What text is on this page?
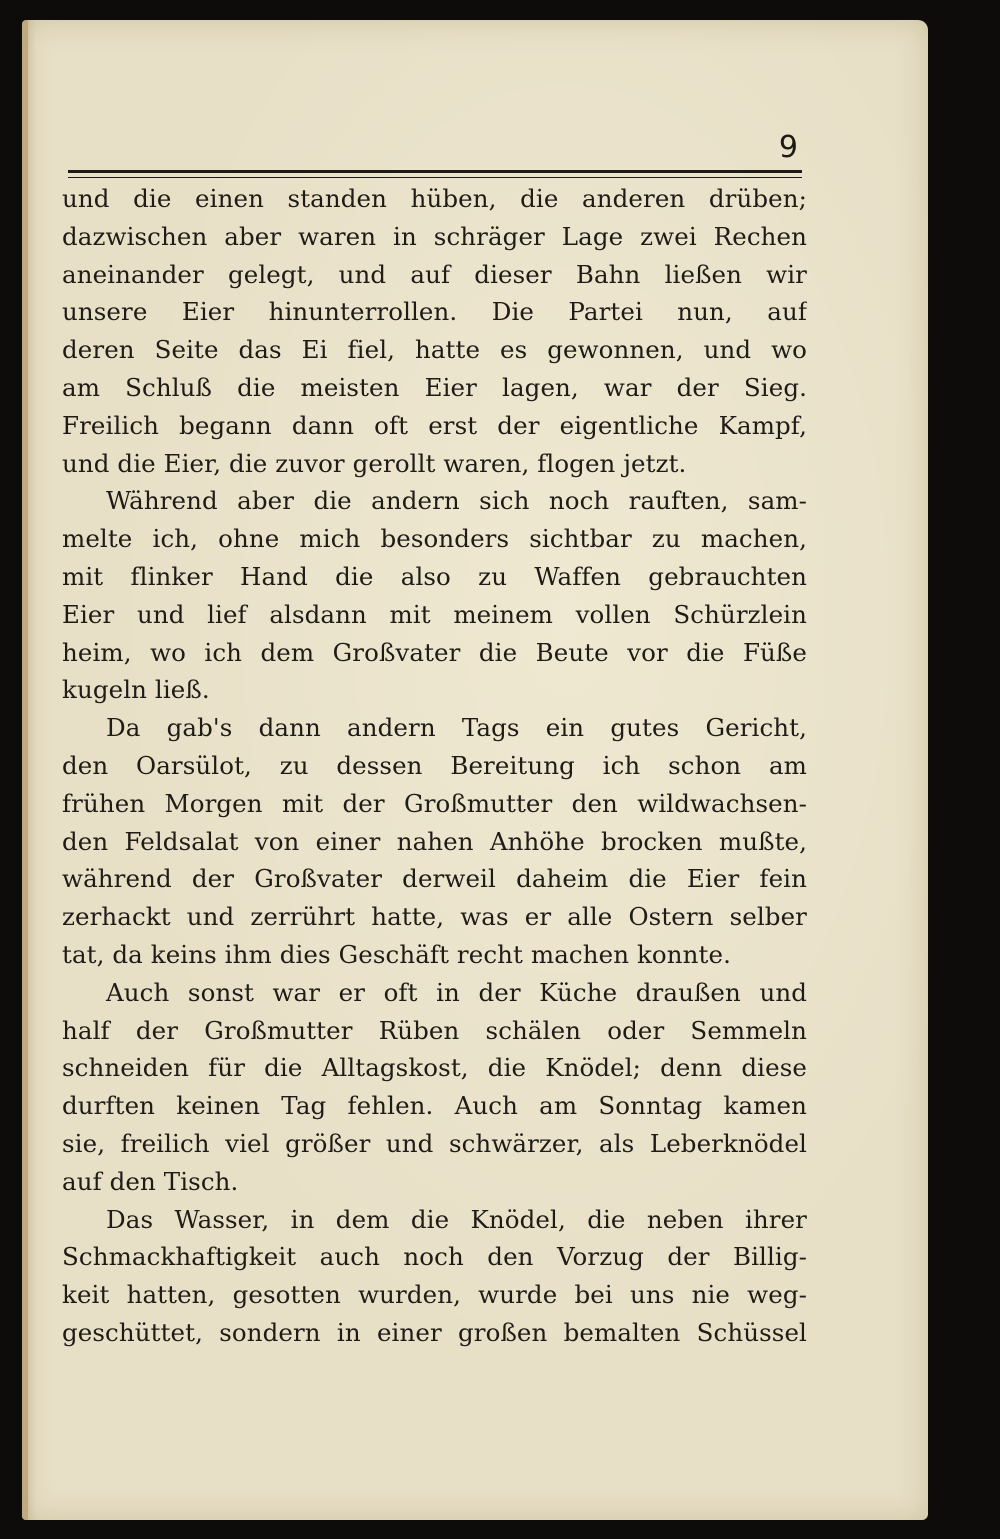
9
und die einen standen hüben, die anderen drüben;
dazwischen aber waren in schräger Lage zwei Rechen
aneinander gelegt, und auf dieser Bahn ließen wir
unsere Eier hinunterrollen. Die Partei nun, auf
deren Seite das Ei fiel, hatte es gewonnen, und wo
am Schluß die meisten Eier lagen, war der Sieg.
Freilich begann dann oft erst der eigentliche Kampf,
und die Eier, die zuvor gerollt waren, flogen jetzt.
Während aber die andern sich noch rauften, sam-
melte ich, ohne mich besonders sichtbar zu machen,
mit flinker Hand die also zu Waffen gebrauchten
Eier und lief alsdann mit meinem vollen Schürzlein
heim, wo ich dem Großvater die Beute vor die Füße
kugeln ließ.
Da gab's dann andern Tags ein gutes Gericht,
den Oarsülot, zu dessen Bereitung ich schon am
frühen Morgen mit der Großmutter den wildwachsen-
den Feldsalat von einer nahen Anhöhe brocken mußte,
während der Großvater derweil daheim die Eier fein
zerhackt und zerrührt hatte, was er alle Ostern selber
tat, da keins ihm dies Geschäft recht machen konnte.
Auch sonst war er oft in der Küche draußen und
half der Großmutter Rüben schälen oder Semmeln
schneiden für die Alltagskost, die Knödel; denn diese
durften keinen Tag fehlen. Auch am Sonntag kamen
sie, freilich viel größer und schwärzer, als Leberknödel
auf den Tisch.
Das Wasser, in dem die Knödel, die neben ihrer
Schmackhaftigkeit auch noch den Vorzug der Billig-
keit hatten, gesotten wurden, wurde bei uns nie weg-
geschüttet, sondern in einer großen bemalten Schüssel
